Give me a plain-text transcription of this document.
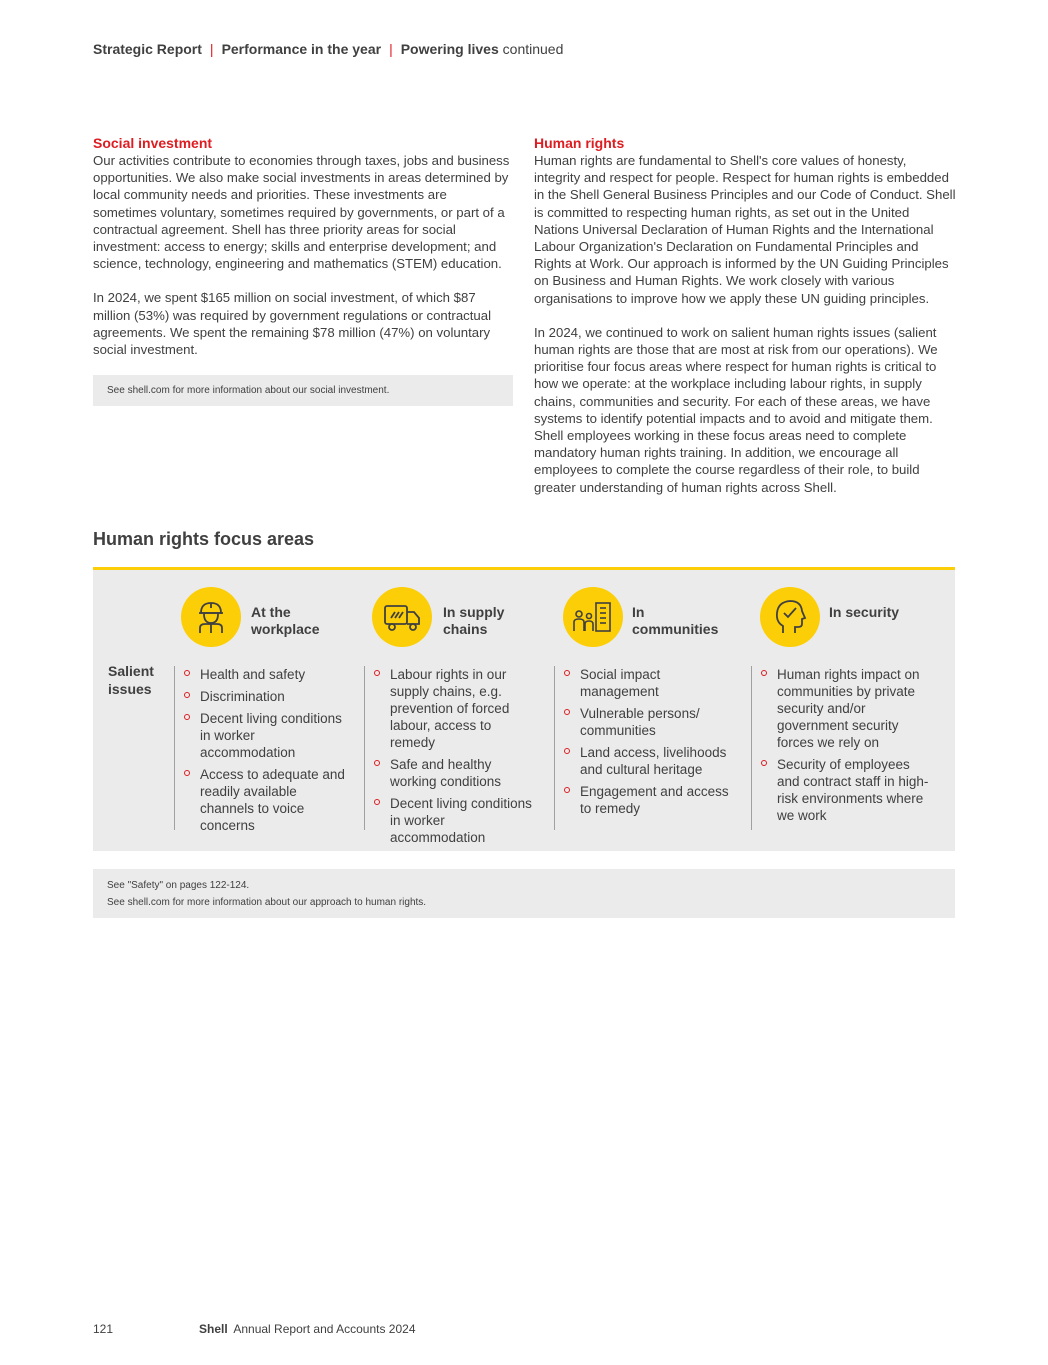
Strategic Report | Performance in the year | Powering lives continued
Social investment

Our activities contribute to economies through taxes, jobs and business opportunities. We also make social investments in areas determined by local community needs and priorities. These investments are sometimes voluntary, sometimes required by governments, or part of a contractual agreement. Shell has three priority areas for social investment: access to energy; skills and enterprise development; and science, technology, engineering and mathematics (STEM) education.

In 2024, we spent $165 million on social investment, of which $87 million (53%) was required by government regulations or contractual agreements. We spent the remaining $78 million (47%) on voluntary social investment.

See shell.com for more information about our social investment.
Human rights

Human rights are fundamental to Shell's core values of honesty, integrity and respect for people. Respect for human rights is embedded in the Shell General Business Principles and our Code of Conduct. Shell is committed to respecting human rights, as set out in the United Nations Universal Declaration of Human Rights and the International Labour Organization's Declaration on Fundamental Principles and Rights at Work. Our approach is informed by the UN Guiding Principles on Business and Human Rights. We work closely with various organisations to improve how we apply these UN guiding principles.

In 2024, we continued to work on salient human rights issues (salient human rights are those that are most at risk from our operations). We prioritise four focus areas where respect for human rights is critical to how we operate: at the workplace including labour rights, in supply chains, communities and security. For each of these areas, we have systems to identify potential impacts and to avoid and mitigate them. Shell employees working in these focus areas need to complete mandatory human rights training. In addition, we encourage all employees to complete the course regardless of their role, to build greater understanding of human rights across Shell.

Human rights focus areas
Salient issues
At the workplace
Health and safety
Discrimination
Decent living conditions in worker accommodation
Access to adequate and readily available channels to voice concerns
In supply chains
Labour rights in our supply chains, e.g. prevention of forced labour, access to remedy
Safe and healthy working conditions
Decent living conditions in worker accommodation
In communities
Social impact management
Vulnerable persons/ communities
Land access, livelihoods and cultural heritage
Engagement and access to remedy
In security
Human rights impact on communities by private security and/or government security forces we rely on
Security of employees and contract staff in high-risk environments where we work
See "Safety" on pages 122-124.
See shell.com for more information about our approach to human rights.
121	Shell Annual Report and Accounts 2024
